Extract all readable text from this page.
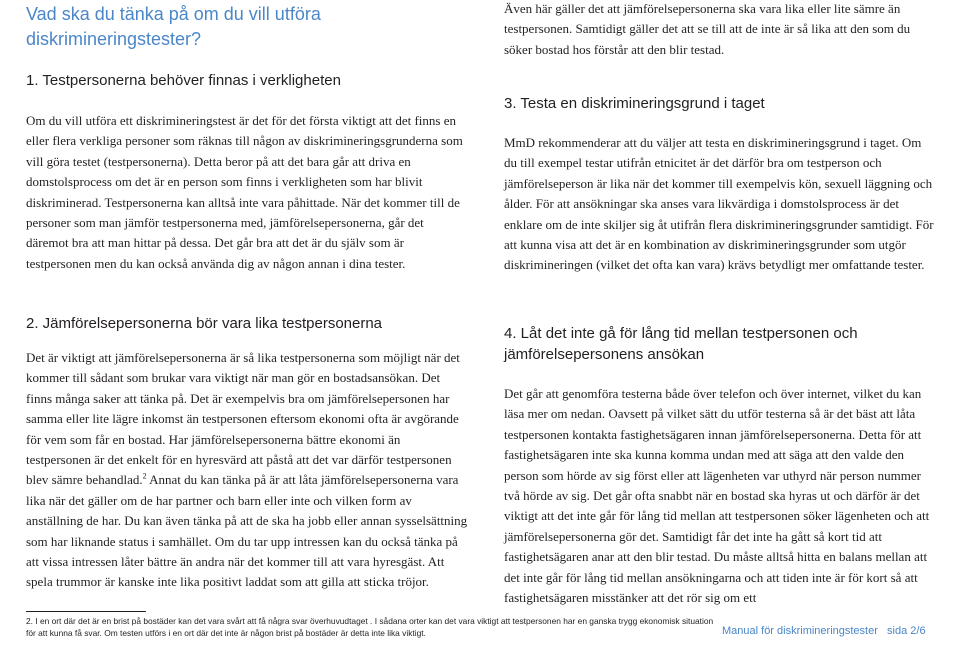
Vad ska du tänka på om du vill utföra diskrimineringstester?
1. Testpersonerna behöver finnas i verkligheten

Om du vill utföra ett diskrimineringstest är det för det första viktigt att det finns en eller flera verkliga personer som räknas till någon av diskrimineringsgrunderna som vill göra testet (testpersonerna). Detta beror på att det bara går att driva en domstolsprocess om det är en person som finns i verkligheten som har blivit diskriminerad. Testpersonerna kan alltså inte vara påhittade. När det kommer till de personer som man jämför testpersonerna med, jämförelsepersonerna, går det däremot bra att man hittar på dessa. Det går bra att det är du själv som är testpersonen men du kan också använda dig av någon annan i dina tester.

2. Jämförelsepersonerna bör vara lika testpersonerna

Det är viktigt att jämförelsepersonerna är så lika testpersonerna som möjligt när det kommer till sådant som brukar vara viktigt när man gör en bostadsansökan. Det finns många saker att tänka på. Det är exempelvis bra om jämförelsepersonen har samma eller lite lägre inkomst än testpersonen eftersom ekonomi ofta är avgörande för vem som får en bostad. Har jämförelsepersonerna bättre ekonomi än testpersonen är det enkelt för en hyresvärd att påstå att det var därför testpersonen blev sämre behandlad.$^2$ Annat du kan tänka på är att låta jämförelsepersonerna vara lika när det gäller om de har partner och barn eller inte och vilken form av anställning de har. Du kan även tänka på att de ska ha jobb eller annan sysselsättning som har liknande status i samhället. Om du tar upp intressen kan du också tänka på att vissa intressen låter bättre än andra när det kommer till att vara hyresgäst. Att spela trummor är kanske inte lika positivt laddat som att gilla att sticka tröjor.

Även här gäller det att jämförelsepersonerna ska vara lika eller lite sämre än testpersonen. Samtidigt gäller det att se till att de inte är så lika att den som du söker bostad hos förstår att den blir testad.

3. Testa en diskrimineringsgrund i taget

MmD rekommenderar att du väljer att testa en diskrimineringsgrund i taget. Om du till exempel testar utifrån etnicitet är det därför bra om testperson och jämförelseperson är lika när det kommer till exempelvis kön, sexuell läggning och ålder. För att ansökningar ska anses vara likvärdiga i domstolsprocess är det enklare om de inte skiljer sig åt utifrån flera diskrimineringsgrunder samtidigt. För att kunna visa att det är en kombination av diskrimineringsgrunder som utgör diskrimineringen (vilket det ofta kan vara) krävs betydligt mer omfattande tester.

4. Låt det inte gå för lång tid mellan testpersonen och jämförelsepersonens ansökan

Det går att genomföra testerna både över telefon och över internet, vilket du kan läsa mer om nedan. Oavsett på vilket sätt du utför testerna så är det bäst att låta testpersonen kontakta fastighetsägaren innan jämförelsepersonerna. Detta för att fastighetsägaren inte ska kunna komma undan med att säga att den valde den person som hörde av sig först eller att lägenheten var uthyrd när person nummer två hörde av sig. Det går ofta snabbt när en bostad ska hyras ut och därför är det viktigt att det inte går för lång tid mellan att testpersonen söker lägenheten och att jämförelsepersonerna gör det. Samtidigt får det inte ha gått så kort tid att fastighetsägaren anar att den blir testad. Du måste alltså hitta en balans mellan att det inte går för lång tid mellan ansökningarna och att tiden inte är för kort så att fastighetsägaren misstänker att det rör sig om ett

2. I en ort där det är en brist på bostäder kan det vara svårt att få några svar överhuvudtaget . I sådana orter kan det vara viktigt att testpersonen har en ganska trygg ekonomisk situation för att kunna få svar. Om testen utförs i en ort där det inte är någon brist på bostäder är detta inte lika viktigt.	Manual för diskrimineringstester   sida 2/6
